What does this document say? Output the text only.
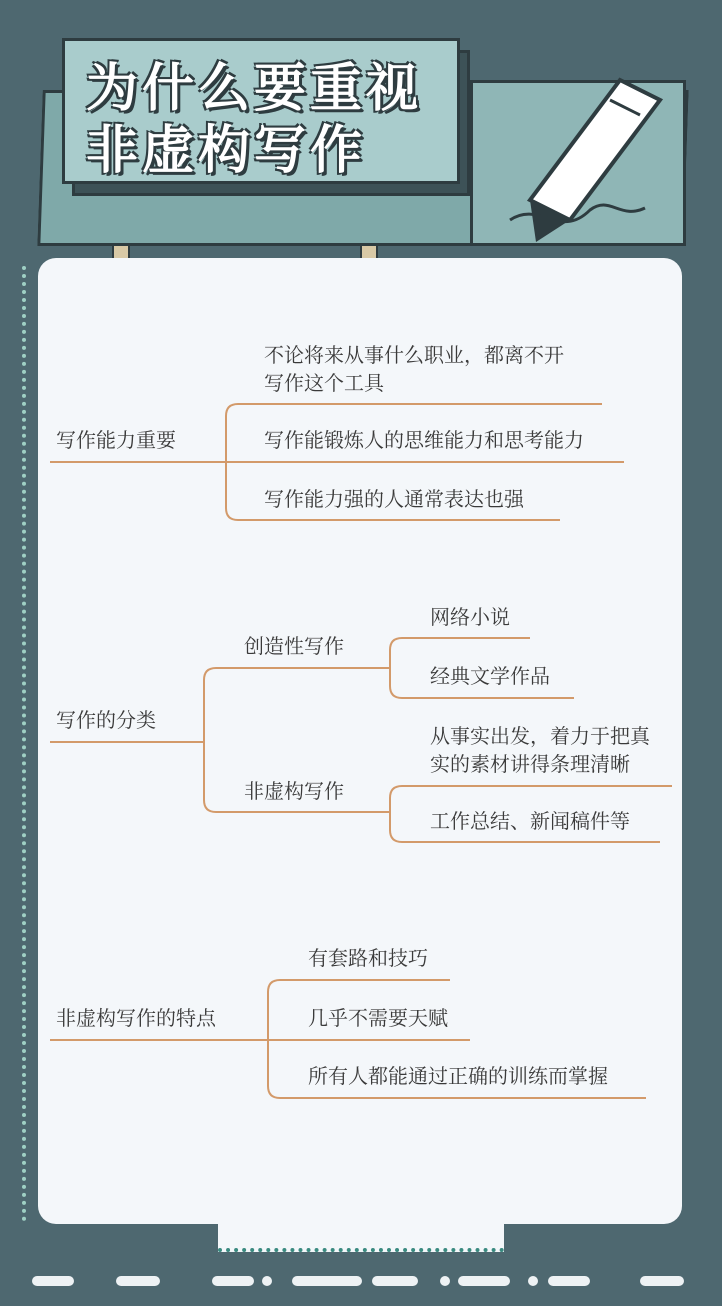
为什么要重视
非虚构写作
写作能力重要
不论将来从事什么职业，都离不开
写作这个工具
写作能锻炼人的思维能力和思考能力
写作能力强的人通常表达也强
写作的分类
创造性写作
网络小说
经典文学作品
非虚构写作
从事实出发，着力于把真
实的素材讲得条理清晰
工作总结、新闻稿件等
非虚构写作的特点
有套路和技巧
几乎不需要天赋
所有人都能通过正确的训练而掌握
